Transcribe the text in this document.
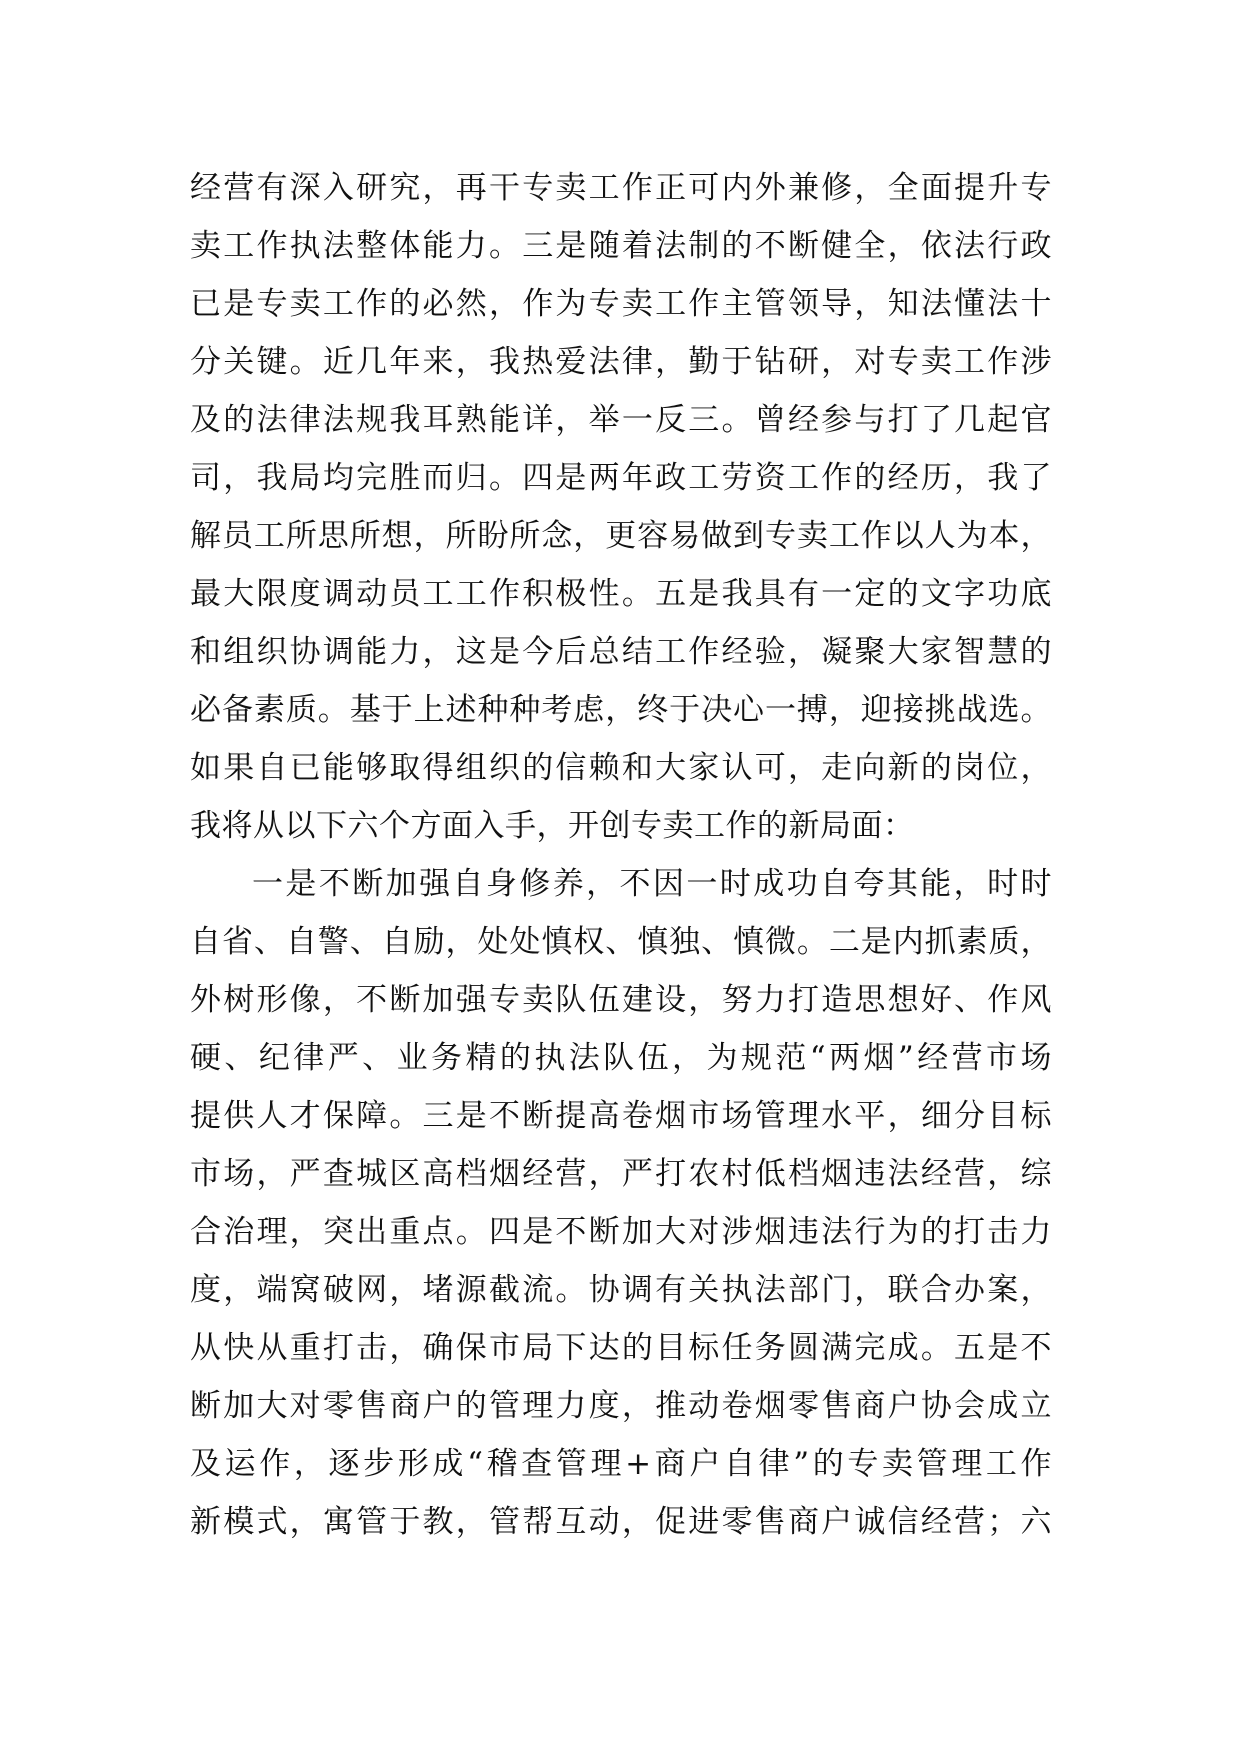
经营有深入研究，再干专卖工作正可内外兼修，全面提升专
卖工作执法整体能力。三是随着法制的不断健全，依法行政
已是专卖工作的必然，作为专卖工作主管领导，知法懂法十
分关键。近几年来，我热爱法律，勤于钻研，对专卖工作涉
及的法律法规我耳熟能详，举一反三。曾经参与打了几起官
司，我局均完胜而归。四是两年政工劳资工作的经历，我了
解员工所思所想，所盼所念，更容易做到专卖工作以人为本，
最大限度调动员工工作积极性。五是我具有一定的文字功底
和组织协调能力，这是今后总结工作经验，凝聚大家智慧的
必备素质。基于上述种种考虑，终于决心一搏，迎接挑战选。
如果自已能够取得组织的信赖和大家认可，走向新的岗位，
我将从以下六个方面入手，开创专卖工作的新局面：
一是不断加强自身修养，不因一时成功自夸其能，时时
自省、自警、自励，处处慎权、慎独、慎微。二是内抓素质，
外树形像，不断加强专卖队伍建设，努力打造思想好、作风
硬、纪律严、业务精的执法队伍，为规范“两烟”经营市场
提供人才保障。三是不断提高卷烟市场管理水平，细分目标
市场，严查城区高档烟经营，严打农村低档烟违法经营，综
合治理，突出重点。四是不断加大对涉烟违法行为的打击力
度，端窝破网，堵源截流。协调有关执法部门，联合办案，
从快从重打击，确保市局下达的目标任务圆满完成。五是不
断加大对零售商户的管理力度，推动卷烟零售商户协会成立
及运作，逐步形成“稽查管理+商户自律”的专卖管理工作
新模式，寓管于教，管帮互动，促进零售商户诚信经营；六
